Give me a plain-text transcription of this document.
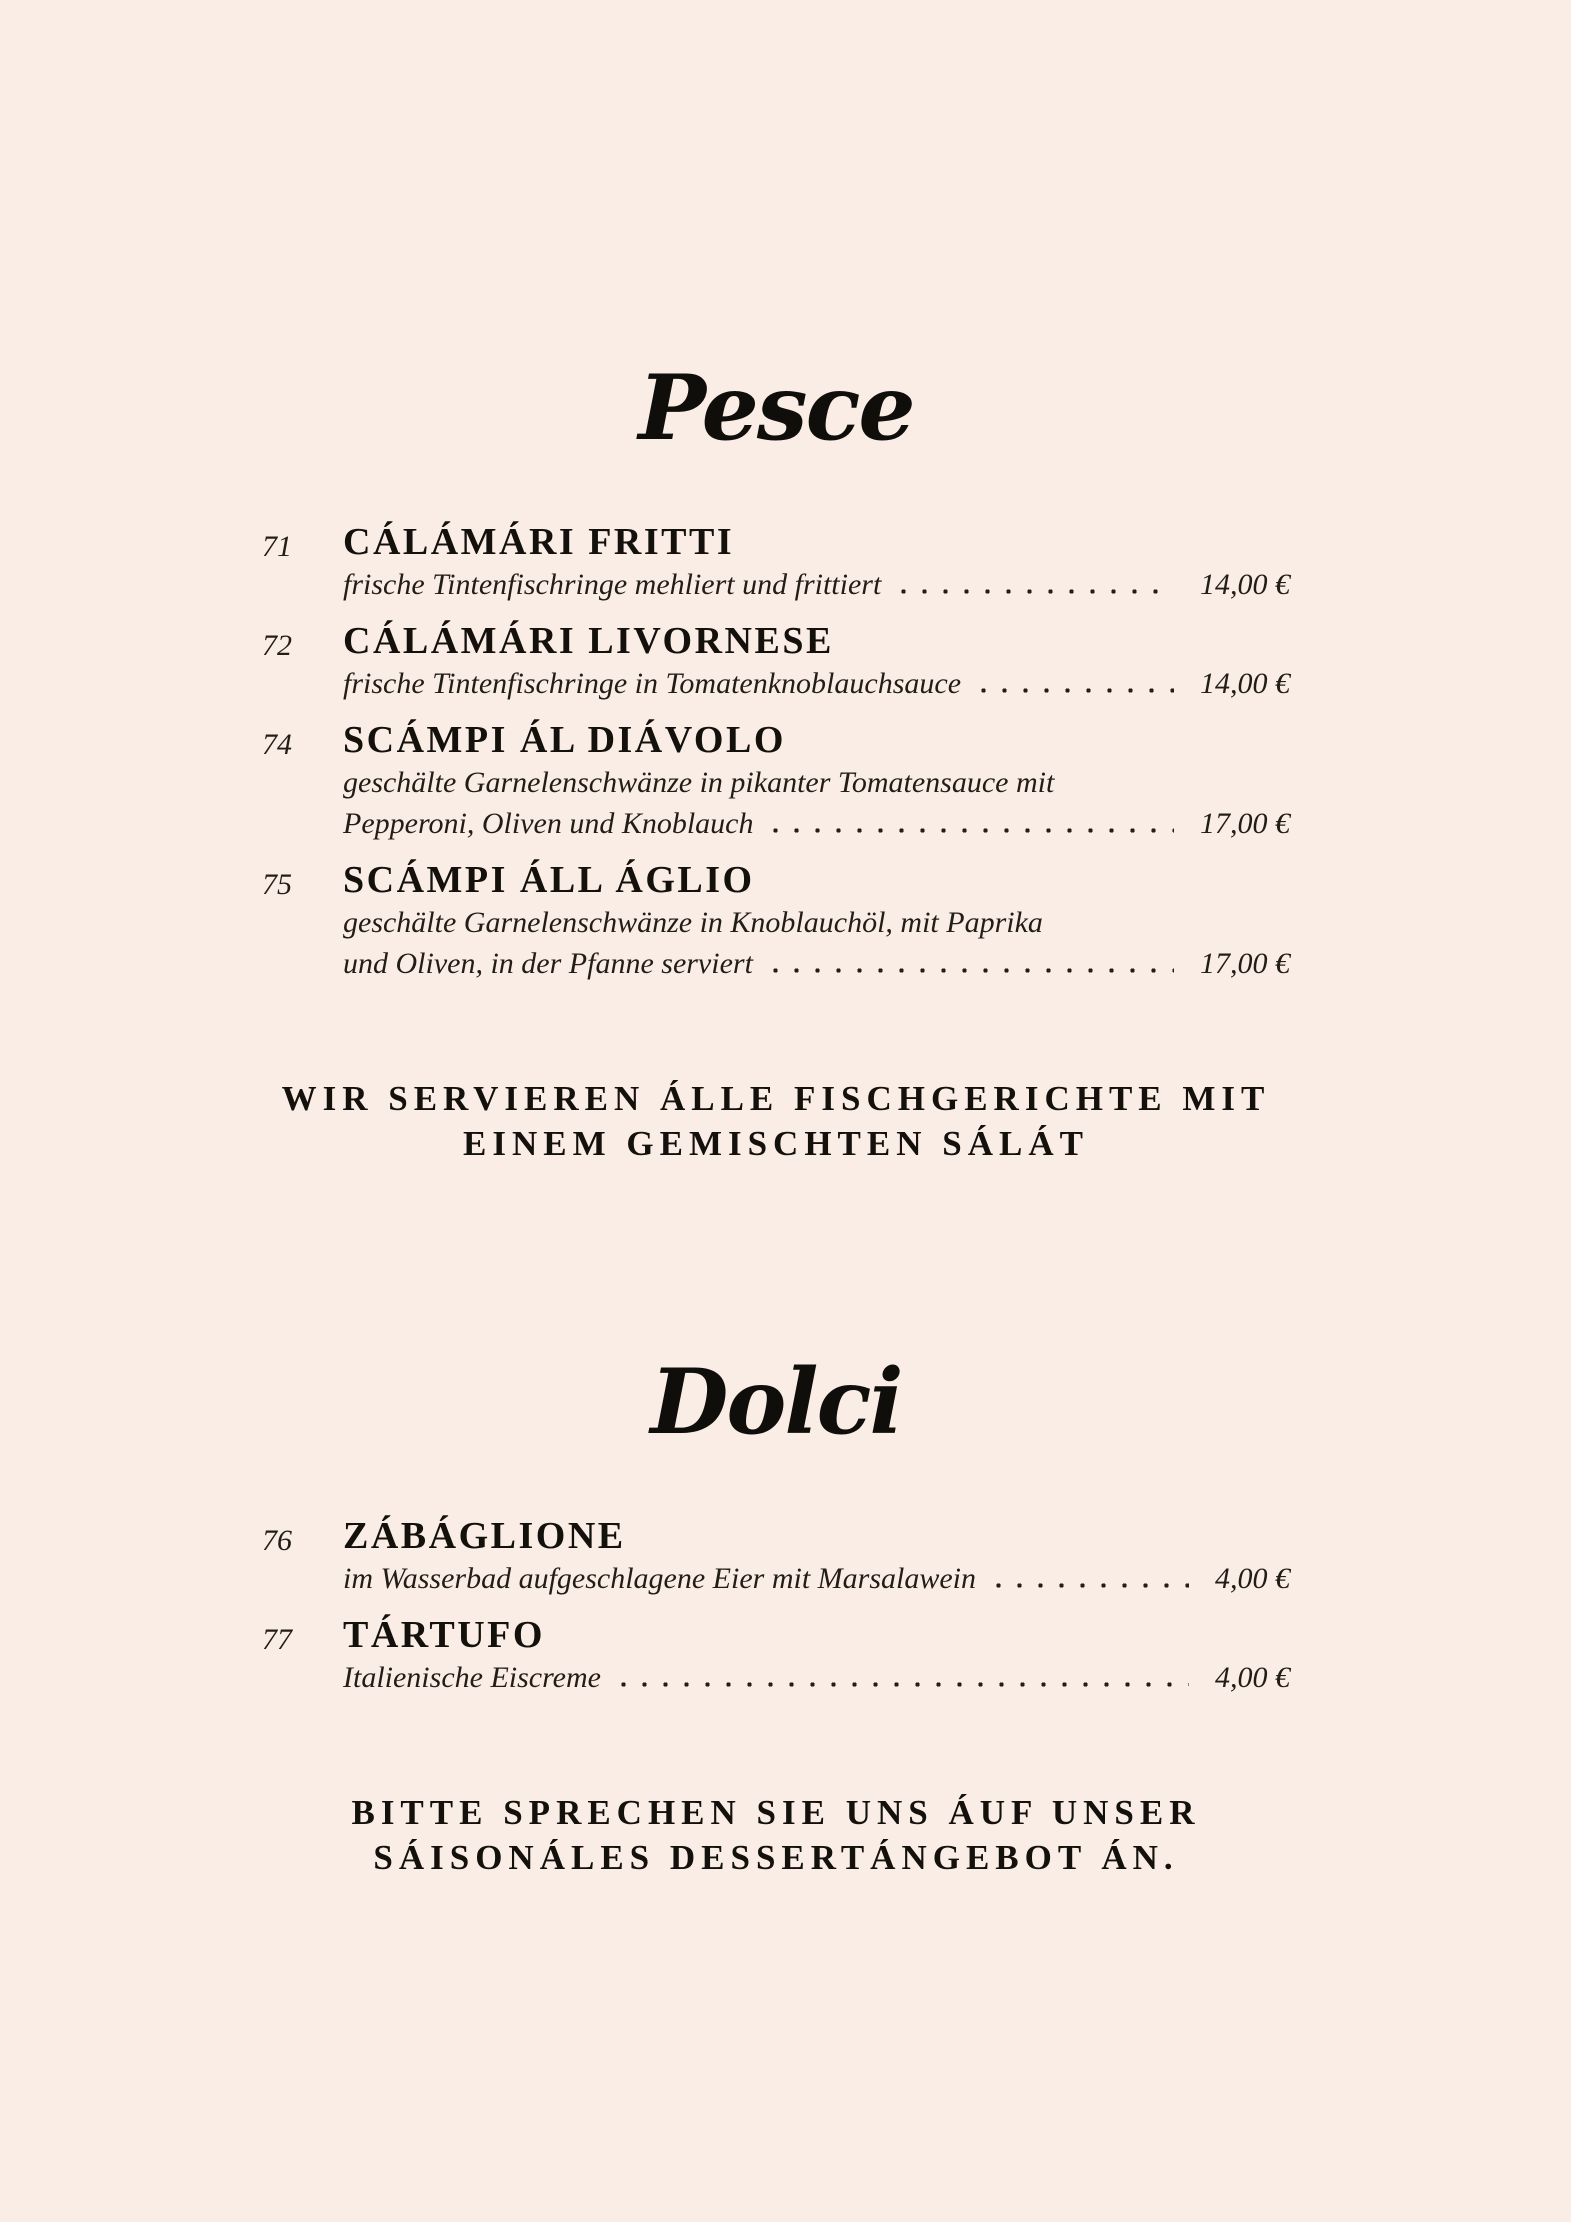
Pesce
71	CÁLÁMÁRI FRITTI
frische Tintenfischringe mehliert und frittiert	14,00 €
72	CÁLÁMÁRI LIVORNESE
frische Tintenfischringe in Tomatenknoblauchsauce	14,00 €
74	SCÁMPI ÁL DIÁVOLO
geschälte Garnelenschwänze in pikanter Tomatensauce mit
Pepperoni, Oliven und Knoblauch	17,00 €
75	SCÁMPI ÁLL ÁGLIO
geschälte Garnelenschwänze in Knoblauchöl, mit Paprika
und Oliven, in der Pfanne serviert	17,00 €
WIR SERVIEREN ÁLLE FISCHGERICHTE MIT
EINEM GEMISCHTEN SÁLÁT
Dolci
76	ZÁBÁGLIONE
im Wasserbad aufgeschlagene Eier mit Marsalawein	4,00 €
77	TÁRTUFO
Italienische Eiscreme	4,00 €
BITTE SPRECHEN SIE UNS ÁUF UNSER
SÁISONÁLES DESSERTÁNGEBOT ÁN.
